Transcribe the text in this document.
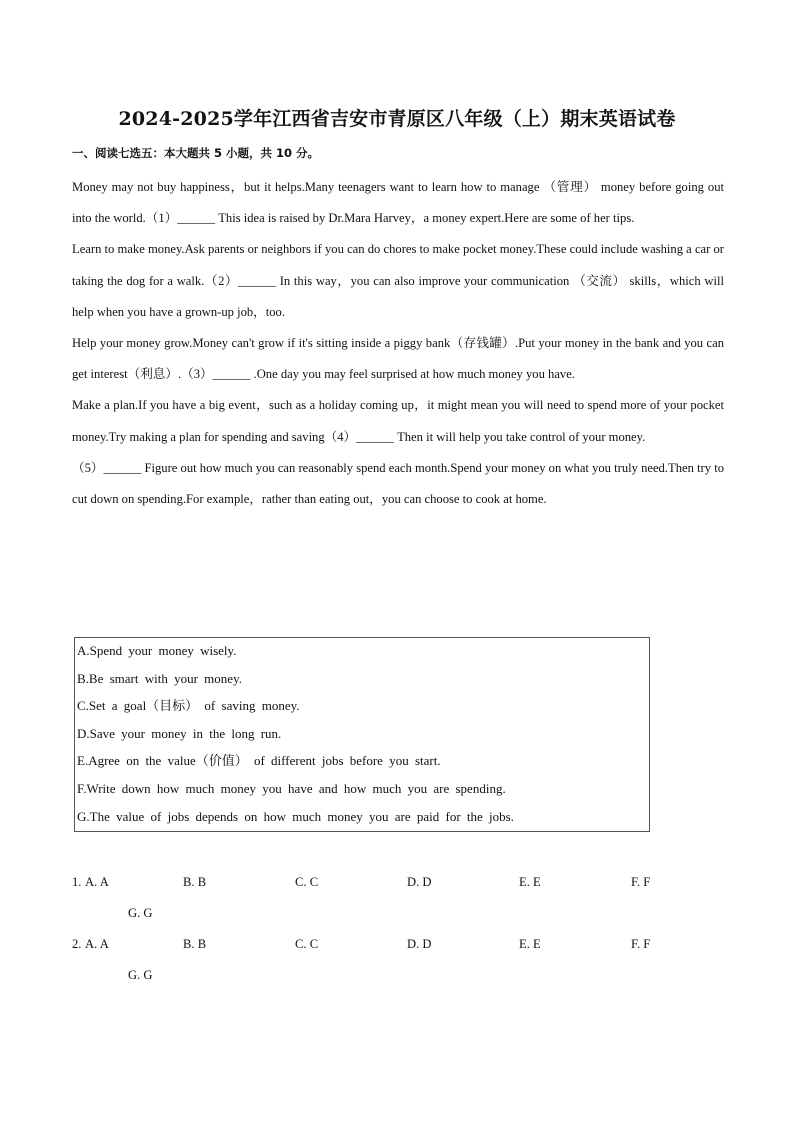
2024-2025学年江西省吉安市青原区八年级（上）期末英语试卷
一、阅读七选五：本大题共 5 小题，共 10 分。

Money may not buy happiness，but it helps.Many teenagers want to learn how to manage （管理） money before going out into the world.（1）______ This idea is raised by Dr.Mara Harvey，a money expert.Here are some of her tips.

Learn to make money.Ask parents or neighbors if you can do chores to make pocket money.These could include washing a car or taking the dog for a walk.（2）______ In this way，you can also improve your communication （交流） skills，which will help when you have a grown-up job，too.

Help your money grow.Money can't grow if it's sitting inside a piggy bank（存钱罐）.Put your money in the bank and you can get interest（利息）.（3）______ .One day you may feel surprised at how much money you have.

Make a plan.If you have a big event，such as a holiday coming up，it might mean you will need to spend more of your pocket money.Try making a plan for spending and saving（4）______ Then it will help you take control of your money.

（5）______ Figure out how much you can reasonably spend each month.Spend your money on what you truly need.Then try to cut down on spending.For example，rather than eating out，you can choose to cook at home.

A.Spend your money wisely.
B.Be smart with your money.
C.Set a goal（目标） of saving money.
D.Save your money in the long run.
E.Agree on the value（价值） of different jobs before you start.
F.Write down how much money you have and how much you are spending.
G.The value of jobs depends on how much money you are paid for the jobs.
1. A. A	B. B	C. C	D. D	E. E	F. F
G. G
2. A. A	B. B	C. C	D. D	E. E	F. F
G. G
